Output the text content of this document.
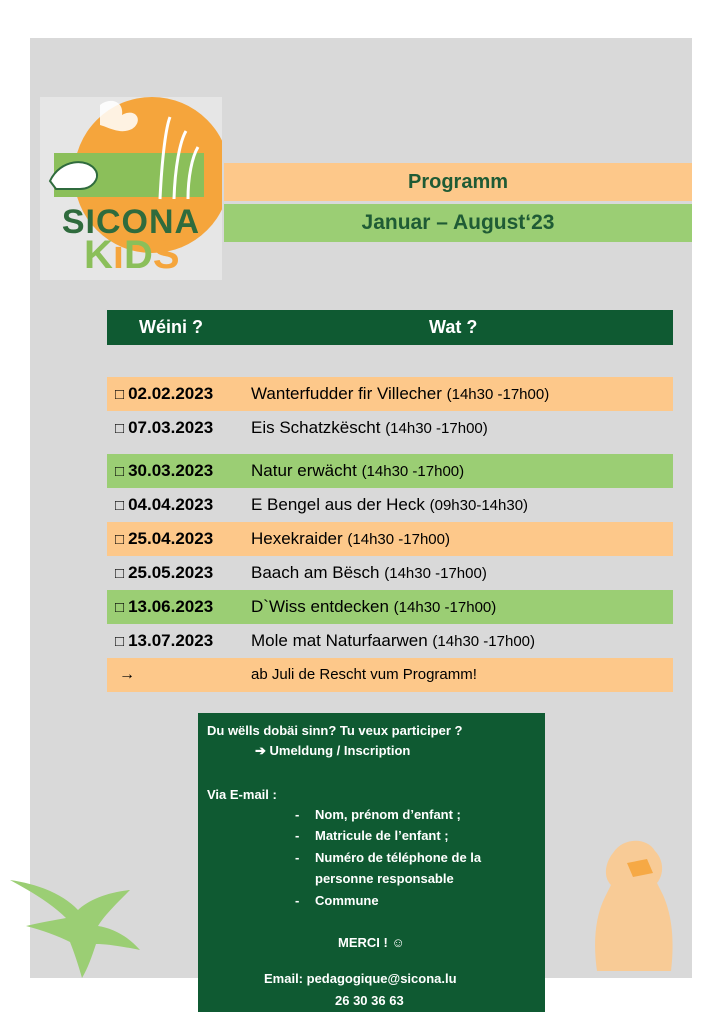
SICONA
KiDS
Programm
Januar – August‘23
Wéini ?	Wat ?
□ 02.02.2023 Wanterfudder fir Villecher (14h30 -17h00)
□ 07.03.2023 Eis Schatzkëscht (14h30 -17h00)
□ 30.03.2023 Natur erwächt (14h30 -17h00)
□ 04.04.2023 E Bengel aus der Heck (09h30-14h30)
□ 25.04.2023 Hexekraider (14h30 -17h00)
□ 25.05.2023 Baach am Bësch (14h30 -17h00)
□ 13.06.2023 D`Wiss entdecken (14h30 -17h00)
□ 13.07.2023 Mole mat Naturfaarwen (14h30 -17h00)
→	ab Juli de Rescht vum Programm!
Du wëlls dobäi sinn? Tu veux participer ?
➔ Umeldung / Inscription
Via E-mail :
- Nom, prénom d’enfant ;
- Matricule de l’enfant ;
- Numéro de téléphone de la
personne responsable
- Commune
MERCI ! ☺
Email: pedagogique@sicona.lu
26 30 36 63
